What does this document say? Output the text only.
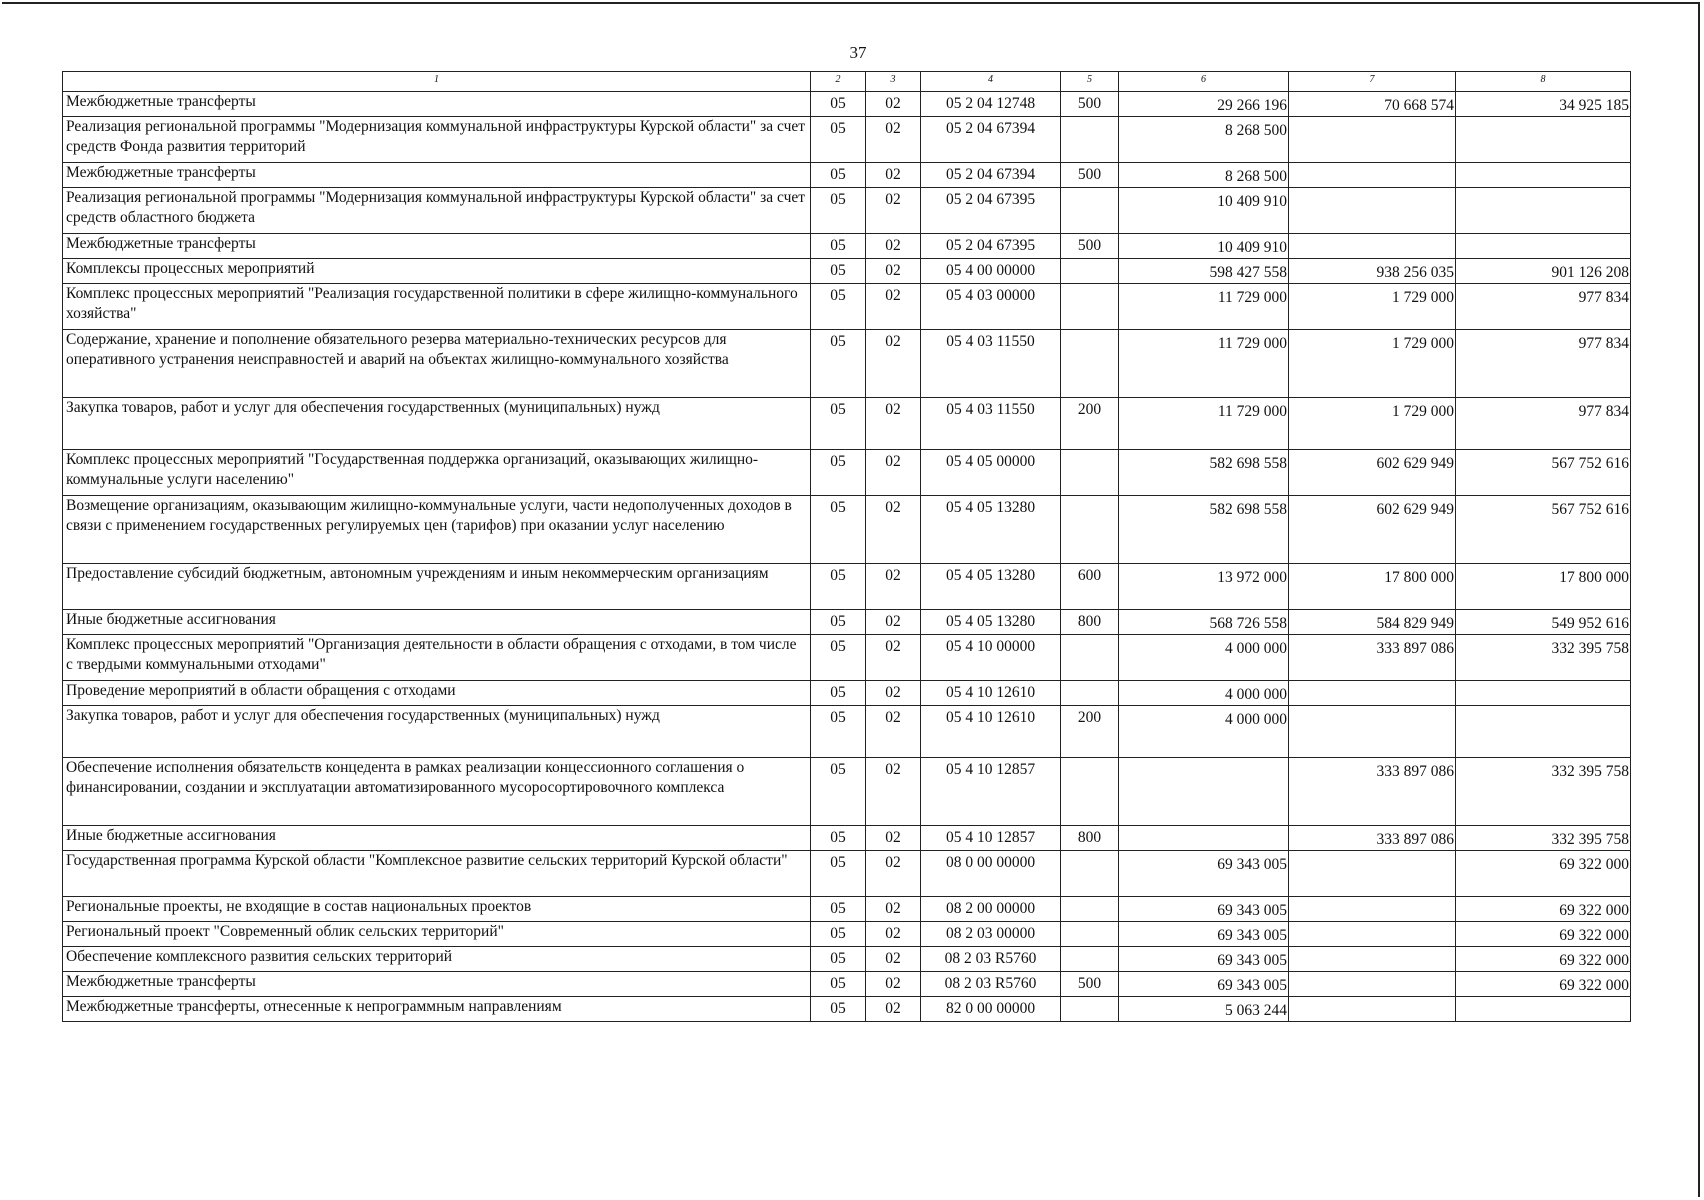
37
1	2	3	4	5	6	7	8
Межбюджетные трансферты	05	02	05 2 04 12748	500	29 266 196	70 668 574	34 925 185
Реализация региональной программы "Модернизация коммунальной инфраструктуры Курской области" за счет средств Фонда развития территорий	05	02	05 2 04 67394		8 268 500		
Межбюджетные трансферты	05	02	05 2 04 67394	500	8 268 500		
Реализация региональной программы "Модернизация коммунальной инфраструктуры Курской области" за счет средств областного бюджета	05	02	05 2 04 67395		10 409 910		
Межбюджетные трансферты	05	02	05 2 04 67395	500	10 409 910		
Комплексы процессных мероприятий	05	02	05 4 00 00000		598 427 558	938 256 035	901 126 208
Комплекс процессных мероприятий "Реализация государственной политики в сфере жилищно-коммунального хозяйства"	05	02	05 4 03 00000		11 729 000	1 729 000	977 834
Содержание, хранение и пополнение обязательного резерва материально-технических ресурсов для оперативного устранения неисправностей и аварий на объектах жилищно-коммунального хозяйства	05	02	05 4 03 11550		11 729 000	1 729 000	977 834
Закупка товаров, работ и услуг для обеспечения государственных (муниципальных) нужд	05	02	05 4 03 11550	200	11 729 000	1 729 000	977 834
Комплекс процессных мероприятий "Государственная поддержка организаций, оказывающих жилищно-коммунальные услуги населению"	05	02	05 4 05 00000		582 698 558	602 629 949	567 752 616
Возмещение организациям, оказывающим жилищно-коммунальные услуги, части недополученных доходов в связи с применением государственных регулируемых цен (тарифов) при оказании услуг населению	05	02	05 4 05 13280		582 698 558	602 629 949	567 752 616
Предоставление субсидий бюджетным, автономным учреждениям и иным некоммерческим организациям	05	02	05 4 05 13280	600	13 972 000	17 800 000	17 800 000
Иные бюджетные ассигнования	05	02	05 4 05 13280	800	568 726 558	584 829 949	549 952 616
Комплекс процессных мероприятий "Организация деятельности в области обращения с отходами, в том числе с твердыми коммунальными отходами"	05	02	05 4 10 00000		4 000 000	333 897 086	332 395 758
Проведение мероприятий в области обращения с отходами	05	02	05 4 10 12610		4 000 000		
Закупка товаров, работ и услуг для обеспечения государственных (муниципальных) нужд	05	02	05 4 10 12610	200	4 000 000		
Обеспечение исполнения обязательств концедента в рамках реализации концессионного соглашения о финансировании, создании и эксплуатации автоматизированного мусоросортировочного комплекса	05	02	05 4 10 12857			333 897 086	332 395 758
Иные бюджетные ассигнования	05	02	05 4 10 12857	800		333 897 086	332 395 758
Государственная программа Курской области "Комплексное развитие сельских территорий Курской области"	05	02	08 0 00 00000		69 343 005		69 322 000
Региональные проекты, не входящие в состав национальных проектов	05	02	08 2 00 00000		69 343 005		69 322 000
Региональный проект "Современный облик сельских территорий"	05	02	08 2 03 00000		69 343 005		69 322 000
Обеспечение комплексного развития сельских территорий	05	02	08 2 03 R5760		69 343 005		69 322 000
Межбюджетные трансферты	05	02	08 2 03 R5760	500	69 343 005		69 322 000
Межбюджетные трансферты, отнесенные к непрограммным направлениям	05	02	82 0 00 00000		5 063 244		
